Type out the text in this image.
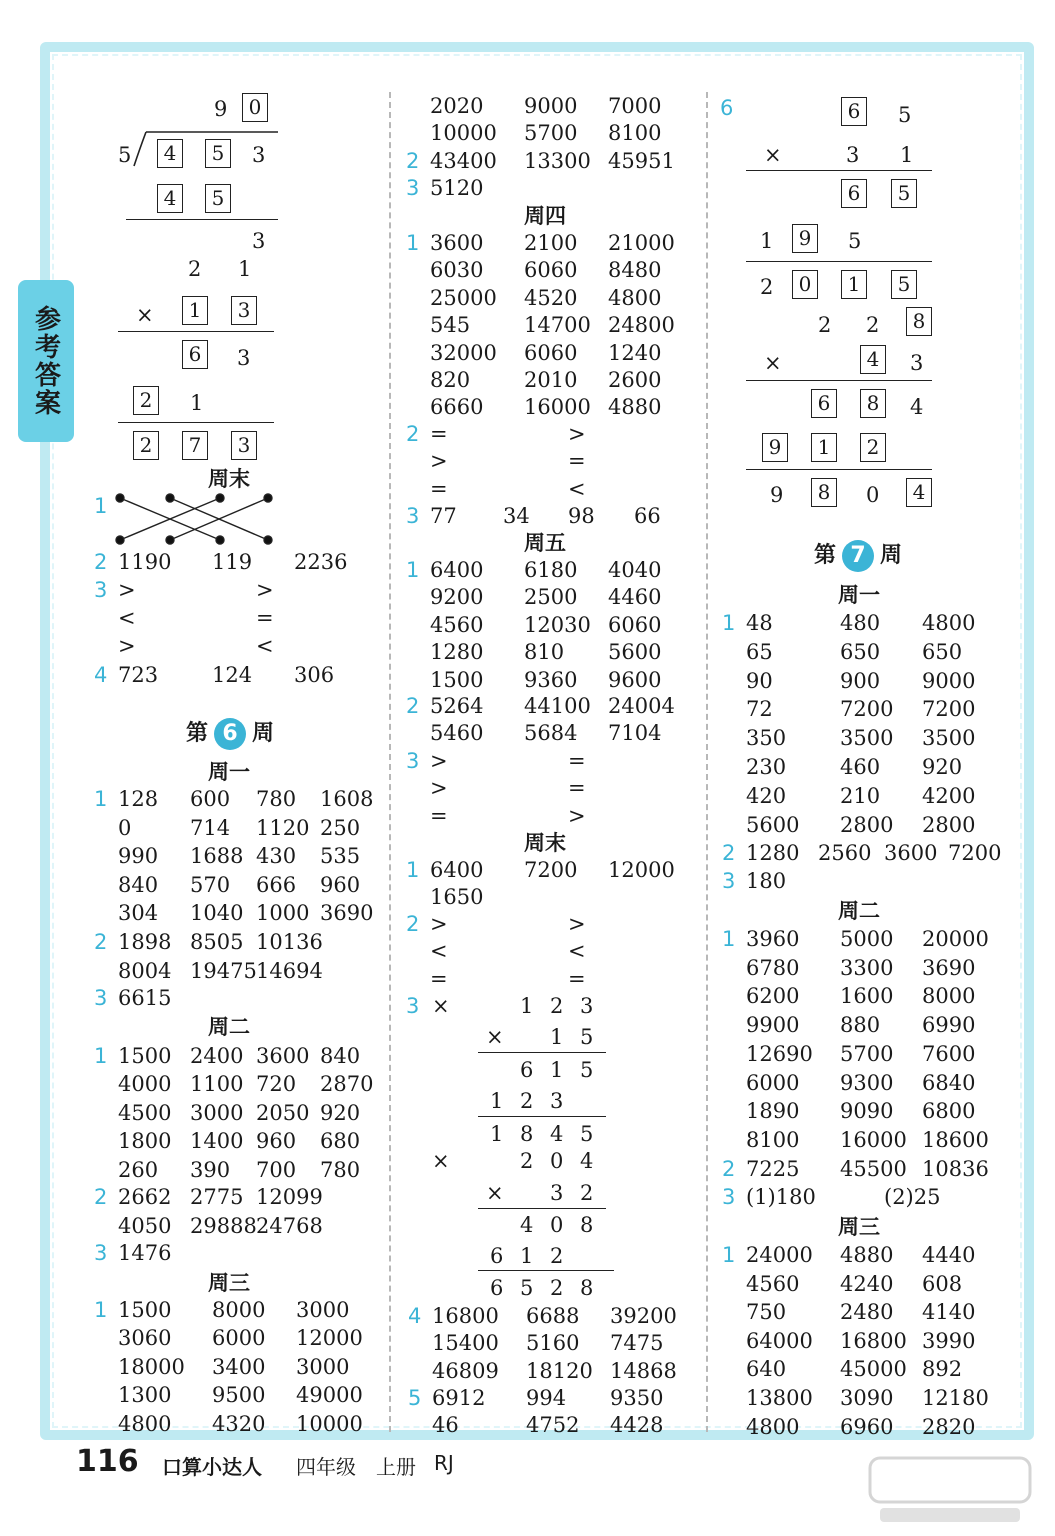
参考答案
9	0
5	4	5	3
4	5
3
2 1
×	1	3
6	3
2	1
2	7	3
周末
1
2 1190 119 2236
3 >	>
<	=
>	<
4 723	124 306
第 6 周
周一
1 128 600 780 1608
0	714 1120 250
990 1688 430 535
840 570 666 960
304 1040 1000 3690
2 1898 8505 10136
8004 19475 14694
3 6615
周二
1 1500 2400 3600 840
4000 1100 720 2870
4500 3000 2050 920
1800 1400 960 680
260 390 700 780
2 2662 2775 12099
4050 29888 24768
3 1476
周三
1 1500 8000 3000
3060 6000 12000
18000 3400 3000
1300 9500 49000
4800 4320 10000
2020 9000 7000
10000 5700 8100
2 43400 13300 45951
3 5120
周四
1 3600 2100 21000
6030 6060 8480
25000 4520 4800
545	14700 24800
32000 6060 1240
820	2010 2600
6660 16000 4880
2 =	>
>	=
=	<
3 77 34 98 66
周五
1 6400 6180 4040
9200 2500 4460
4560 12030 6060
1280 810 5600
1500 9360 9600
2 5264 44100 24004
5460 5684 7104
3 >	=
>	=
=	>
周末
1 6400 7200 12000
1650
2 >	>
<	<
=	=
3 ×
×
1 2 3
× 1 5
6 1 5
1 2 3
1 8 4 5
2 0 4
× 3 2
4 0 8
6 1 2
6 5 2 8
4 16800 6688 39200
15400 5160 7475
46809 18120 14868
5 6912 994 9350
46	4752 4428
6	6	5
×	3 1
6	5
1	9	5
2	0	1	5
2 2	8
×	4	3
6	8	4
9	1	2
9	8	0	4
第 7 周
周一
1 48	480 4800
65	650 650
90	900 9000
72	7200 7200
350	3500 3500
230	460 920
420	210 4200
5600 2800 2800
2 1280 2560 3600 7200
3 180
周二
1 3960 5000 20000
6780 3300 3690
6200 1600 8000
9900 880 6990
12690 5700 7600
6000 9300 6840
1890 9090 6800
8100 16000 18600
2 7225 45500 10836
3 (1)180	(2)25
周三
1 24000 4880 4440
4560 4240 608
750	2480 4140
64000 16800 3990
640	45000 892
13800 3090 12180
4800 6960 2820
116 口算小达人 四年级 上册 RJ
